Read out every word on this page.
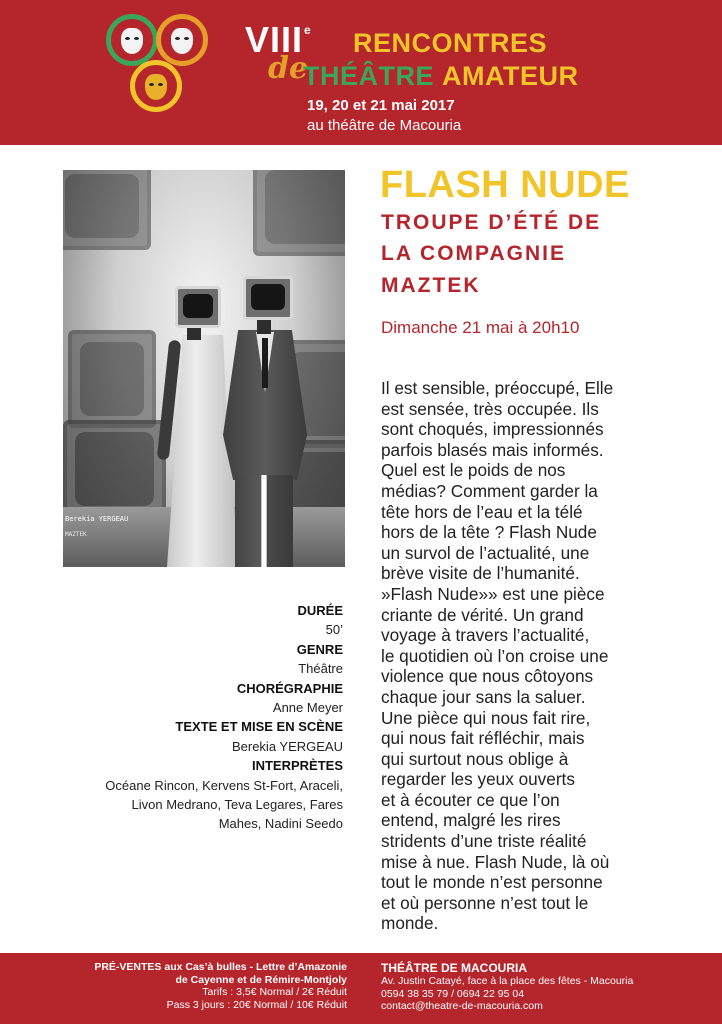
VIIIe RENCONTRES
de
THÉÂTRE AMATEUR
19, 20 et 21 mai 2017
au théâtre de Macouria
Berekia YERGEAU
MAZTEK
FLASH NUDE
TROUPE D’ÉTÉ DE
LA COMPAGNIE
MAZTEK
Dimanche 21 mai à 20h10

Il est sensible, préoccupé, Elle

est sensée, très occupée. Ils

sont choqués, impressionnés

parfois blasés mais informés.

Quel est le poids de nos

médias? Comment garder la

tête hors de l’eau et la télé

hors de la tête ? Flash Nude

un survol de l’actualité, une

brève visite de l’humanité.

»Flash Nude»» est une pièce

criante de vérité. Un grand

voyage à travers l’actualité,

le quotidien où l’on croise une

violence que nous côtoyons

chaque jour sans la saluer.

Une pièce qui nous fait rire,

qui nous fait réfléchir, mais

qui surtout nous oblige à

regarder les yeux ouverts

et à écouter ce que l’on

entend, malgré les rires

stridents d’une triste réalité

mise à nue. Flash Nude, là où

tout le monde n’est personne

et où personne n’est tout le

monde.

DURÉE
50’
GENRE
Théâtre
CHORÉGRAPHIE
Anne Meyer
TEXTE ET MISE EN SCÈNE
Berekia YERGEAU
INTERPRÈTES
Océane Rincon, Kervens St-Fort, Araceli,
Livon Medrano, Teva Legares, Fares
Mahes, Nadini Seedo
PRÉ-VENTES aux Cas’à bulles - Lettre d’Amazonie
de Cayenne et de Rémire-Montjoly
Tarifs : 3,5€ Normal / 2€ Réduit
Pass 3 jours : 20€ Normal / 10€ Réduit
THÉÂTRE DE MACOURIA
Av. Justin Catayé, face à la place des fêtes - Macouria
0594 38 35 79 / 0694 22 95 04
contact@theatre-de-macouria.com
